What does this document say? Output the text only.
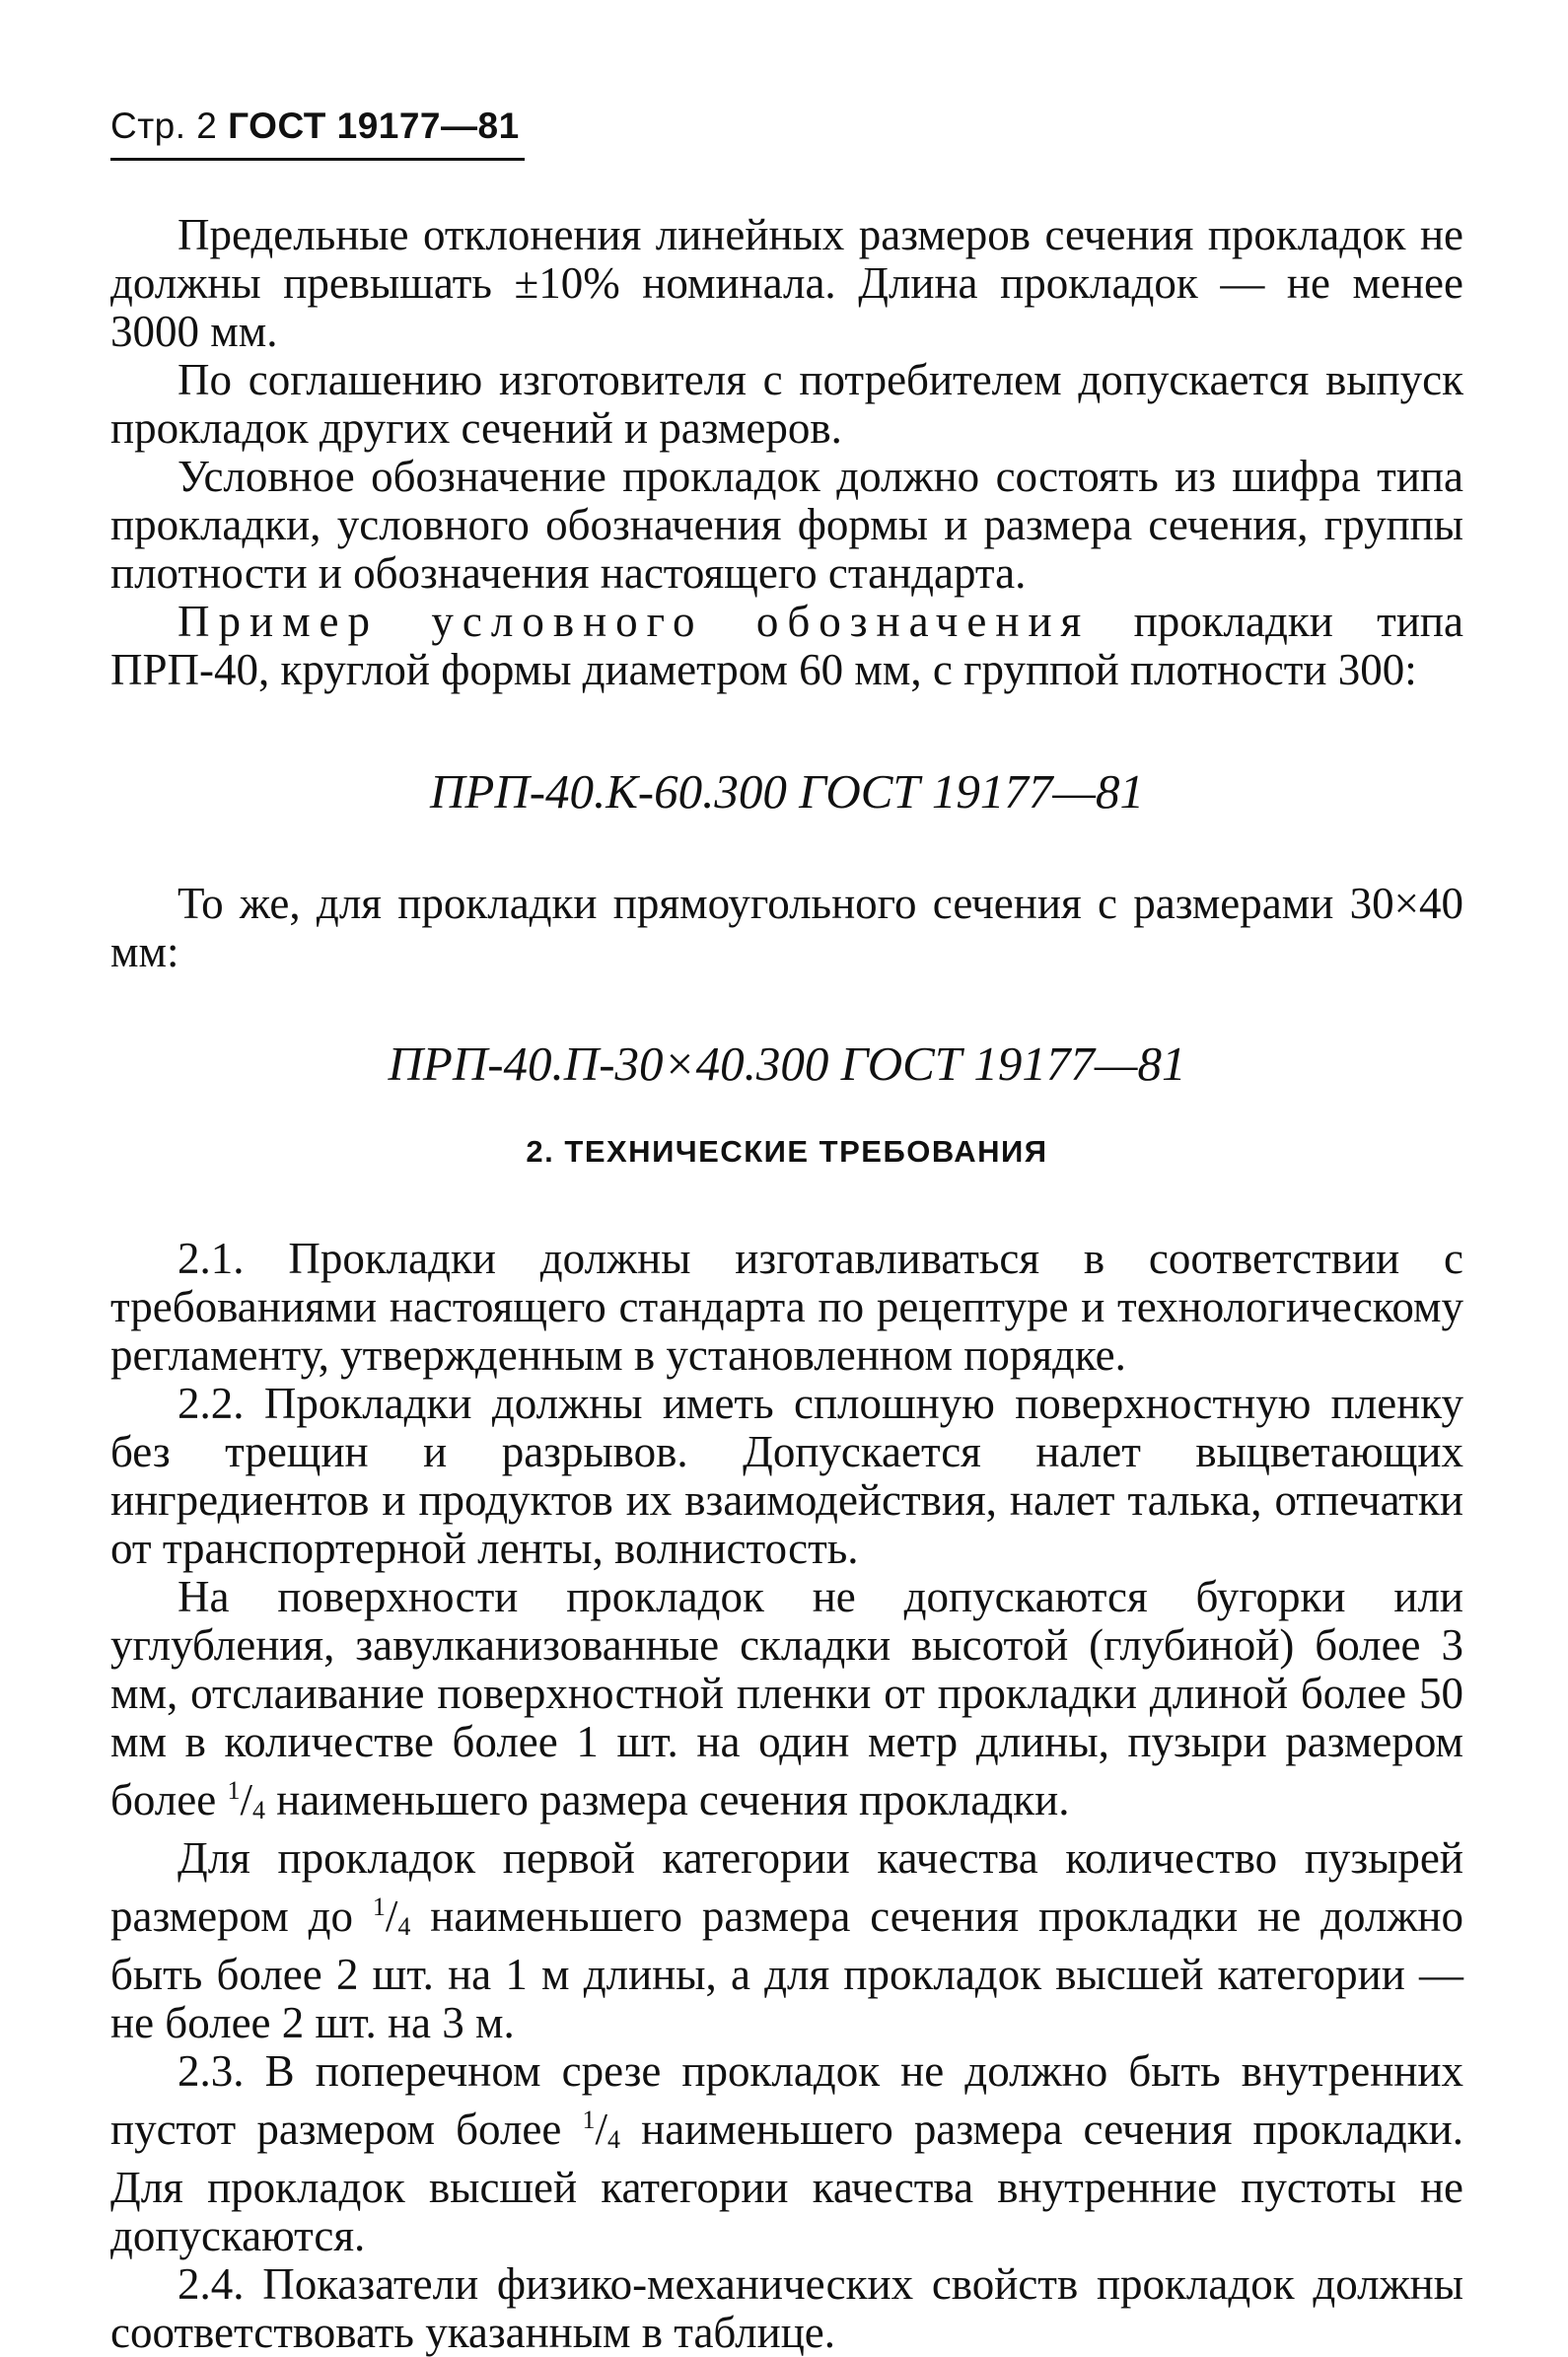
Стр. 2 ГОСТ 19177—81

Предельные отклонения линейных размеров сечения прокладок не должны превышать ±10% номинала. Длина прокладок — не менее 3000 мм.

По соглашению изготовителя с потребителем допускается выпуск прокладок других сечений и размеров.

Условное обозначение прокладок должно состоять из шифра типа прокладки, условного обозначения формы и размера сечения, группы плотности и обозначения настоящего стандарта.

Пример условного обозначения прокладки типа ПРП-40, круглой формы диаметром 60 мм, с группой плотности 300:

ПРП-40.К-60.300 ГОСТ 19177—81

То же, для прокладки прямоугольного сечения с размерами 30×40 мм:

ПРП-40.П-30×40.300 ГОСТ 19177—81

2. ТЕХНИЧЕСКИЕ ТРЕБОВАНИЯ

2.1. Прокладки должны изготавливаться в соответствии с требованиями настоящего стандарта по рецептуре и технологическому регламенту, утвержденным в установленном порядке.

2.2. Прокладки должны иметь сплошную поверхностную пленку без трещин и разрывов. Допускается налет выцветающих ингредиентов и продуктов их взаимодействия, налет талька, отпечатки от транспортерной ленты, волнистость.

На поверхности прокладок не допускаются бугорки или углубления, завулканизованные складки высотой (глубиной) более 3 мм, отслаивание поверхностной пленки от прокладки длиной более 50 мм в количестве более 1 шт. на один метр длины, пузыри размером более $^1/_4$ наименьшего размера сечения прокладки.

Для прокладок первой категории качества количество пузырей размером до $^1/_4$ наименьшего размера сечения прокладки не должно быть более 2 шт. на 1 м длины, а для прокладок высшей категории — не более 2 шт. на 3 м.

2.3. В поперечном срезе прокладок не должно быть внутренних пустот размером более $^1/_4$ наименьшего размера сечения прокладки. Для прокладок высшей категории качества внутренние пустоты не допускаются.

2.4. Показатели физико-механических свойств прокладок должны соответствовать указанным в таблице.
